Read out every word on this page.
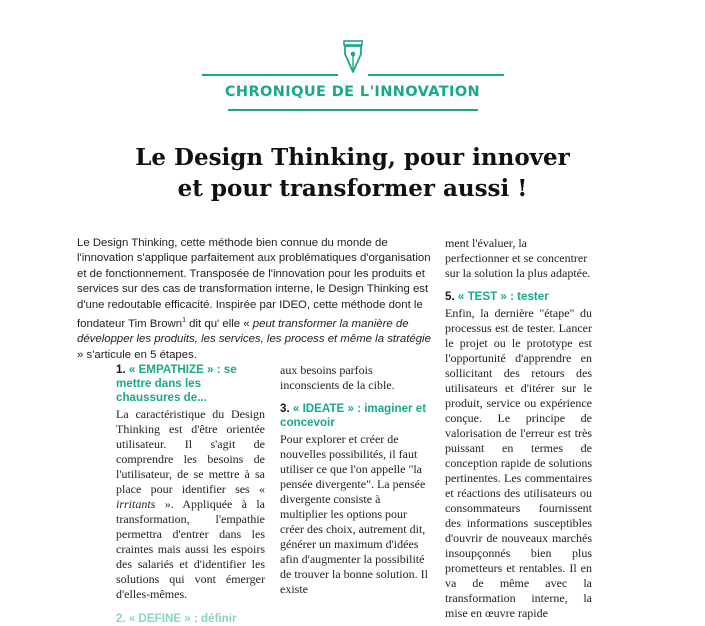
CHRONIQUE DE L'INNOVATION
Le Design Thinking, pour innover
et pour transformer aussi !

Le Design Thinking, cette méthode bien connue du monde de l'innovation s'applique parfaitement aux problématiques d'organisation et de fonctionnement. Transposée de l'innovation pour les produits et services sur des cas de transformation interne, le Design Thinking est d'une redoutable efficacité. Inspirée par IDEO, cette méthode dont le fondateur Tim Brown$^1$ dit qu' elle « peut transformer la manière de développer les produits, les services, les process et même la stratégie » s'articule en 5 étapes.

1. « EMPATHIZE » : se mettre dans les chaussures de...

La caractéristique du Design Thinking est d'être orientée utilisateur. Il s'agit de comprendre les besoins de l'utilisateur, de se mettre à sa place pour identifier ses « irritants ». Appliquée à la transformation, l'empathie permettra d'entrer dans les craintes mais aussi les espoirs des salariés et d'identifier les solutions qui vont émerger d'elles-mêmes.

2. « DEFINE » : définir

aux besoins parfois inconscients de la cible.

3. « IDEATE » : imaginer et concevoir

Pour explorer et créer de nouvelles possibilités, il faut utiliser ce que l'on appelle "la pensée divergente". La pensée divergente consiste à multiplier les options pour créer des choix, autrement dit, générer un maximum d'idées afin d'augmenter la possibilité de trouver la bonne solution. Il existe

ment l'évaluer, la perfectionner et se concentrer sur la solution la plus adaptée.

5. « TEST » : tester

Enfin, la dernière "étape" du processus est de tester. Lancer le projet ou le prototype est l'opportunité d'apprendre en sollicitant des retours des utilisateurs et d'itérer sur le produit, service ou expérience conçue. Le principe de valorisation de l'erreur est très puissant en termes de conception rapide de solutions pertinentes. Les commentaires et réactions des utilisateurs ou consommateurs fournissent des informations susceptibles d'ouvrir de nouveaux marchés insoupçonnés bien plus prometteurs et rentables. Il en va de même avec la transformation interne, la mise en œuvre rapide
